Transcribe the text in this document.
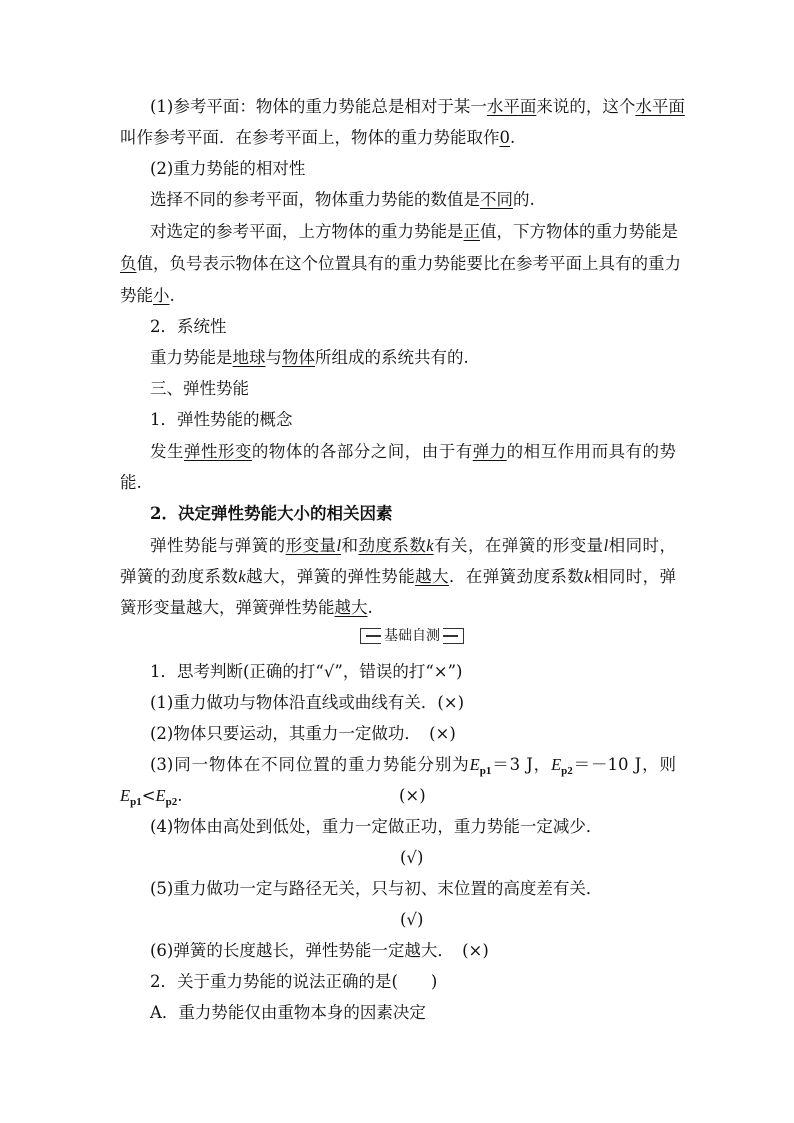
(1)参考平面：物体的重力势能总是相对于某一水平面来说的，这个水平面
叫作参考平面．在参考平面上，物体的重力势能取作0.
(2)重力势能的相对性
选择不同的参考平面，物体重力势能的数值是不同的.
对选定的参考平面，上方物体的重力势能是正值，下方物体的重力势能是
负值，负号表示物体在这个位置具有的重力势能要比在参考平面上具有的重力
势能小.
2．系统性
重力势能是地球与物体所组成的系统共有的.
三、弹性势能
1．弹性势能的概念
发生弹性形变的物体的各部分之间，由于有弹力的相互作用而具有的势
能.
2．决定弹性势能大小的相关因素
弹性势能与弹簧的形变量l和劲度系数k有关，在弹簧的形变量l相同时，
弹簧的劲度系数k越大，弹簧的弹性势能越大．在弹簧劲度系数k相同时，弹
簧形变量越大，弹簧弹性势能越大.
基础自测
1．思考判断(正确的打“√”，错误的打“×”)
(1)重力做功与物体沿直线或曲线有关．(×)
(2)物体只要运动，其重力一定做功．　(×)
(3)同一物体在不同位置的重力势能分别为$E_{p1}=3$ J，$E_{p2}=-10$ J，则
$E_{p1}<E_{p2}$.	(×)
(4)物体由高处到低处，重力一定做正功，重力势能一定减少．
(√)
(5)重力做功一定与路径无关，只与初、末位置的高度差有关．
(√)
(6)弹簧的长度越长，弹性势能一定越大．　(×)
2．关于重力势能的说法正确的是(　　)
A．重力势能仅由重物本身的因素决定
